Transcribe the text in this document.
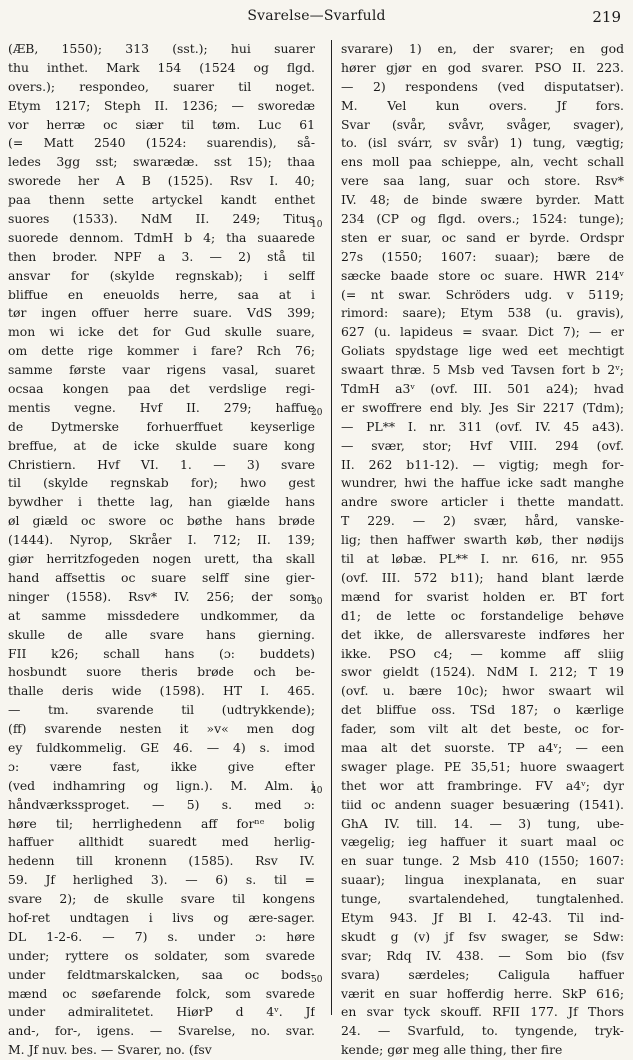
Svarelse—Svarfuld	219
(ÆB, 1550); 313 (sst.); hui suarer
thu inthet. Mark 154 (1524 og flgd.
overs.); respondeo, suarer til noget.
Etym 1217; Steph II. 1236; — sworedæ
vor herræ oc siær til tøm. Luc 61
(= Matt 2540 (1524: suarendis), så-
ledes 3gg sst; swarædæ. sst 15); thaa
sworede her A B (1525). Rsv I. 40;
paa thenn sette artyckel kandt enthet
suores (1533). NdM II. 249; Titus
suorede dennom. TdmH b 4; tha suaarede
then broder. NPF a 3. — 2) stå til
ansvar for (skylde regnskab); i selff
bliffue en eneuolds herre, saa at i
tør ingen offuer herre suare. VdS 399;
mon wi icke det for Gud skulle suare,
om dette rige kommer i fare? Rch 76;
samme første vaar rigens vasal, suaret
ocsaa kongen paa det verdslige regi-
mentis vegne. Hvf II. 279; haffue
de Dytmerske forhuerffuet keyserlige
breffue, at de icke skulde suare kong
Christiern. Hvf VI. 1. — 3) svare
til (skylde regnskab for); hwo gest
bywdher i thette lag, han giælde hans
øl giæld oc swore oc bøthe hans brøde
(1444). Nyrop, Skråer I. 712; II. 139;
giør herritzfogeden nogen urett, tha skall
hand affsettis oc suare selff sine gier-
ninger (1558). Rsv* IV. 256; der som
at samme missdedere undkommer, da
skulle de alle svare hans gierning.
FII k26; schall hans (ɔ: buddets)
hosbundt suore theris brøde och be-
thalle deris wide (1598). HT I. 465.
— tm. svarende til (udtrykkende);
(ff) svarende nesten it »v« men dog
ey fuldkommelig. GE 46. — 4) s. imod
ɔ: være fast, ikke give efter
(ved indhamring og lign.). M. Alm. i
håndværkssproget. — 5) s. med ɔ:
høre til; herrlighedenn aff forⁿᵉ bolig
haffuer allthidt suaredt med herlig-
hedenn till kronenn (1585). Rsv IV.
59. Jf herlighed 3). — 6) s. til =
svare 2); de skulle svare til kongens
hof-ret undtagen i livs og ære-sager.
DL 1-2-6. — 7) s. under ɔ: høre
under; ryttere os soldater, som svarede
under feldtmarskalcken, saa oc bods-
mænd oc søefarende folck, som svarede
under admiralitetet. HiørP d 4ᵛ. Jf
and-, for-, igens. — Svarelse, no. svar.
M. Jf nuv. bes. — Svarer, no. (fsv
10
20
30
40
50
svarare) 1) en, der svarer; en god
hører gjør en god svarer. PSO II. 223.
— 2) respondens (ved disputatser).
M. Vel kun overs. Jf fors.
Svar (svår, svåvr, svåger, svager),
to. (isl svárr, sv svår) 1) tung, vægtig;
ens moll paa schieppe, aln, vecht schall
vere saa lang, suar och store. Rsv*
IV. 48; de binde swære byrder. Matt
234 (CP og flgd. overs.; 1524: tunge);
sten er suar, oc sand er byrde. Ordspr
27s (1550; 1607: suaar); bære de
sæcke baade store oc suare. HWR 214ᵛ
(= nt swar. Schröders udg. v 5119;
rimord: saare); Etym 538 (u. gravis),
627 (u. lapideus = svaar. Dict 7); — er
Goliats spydstage lige wed eet mechtigt
swaart thræ. 5 Msb ved Tavsen fort b 2ᵛ;
TdmH a3ᵛ (ovf. III. 501 a24); hvad
er swoffrere end bly. Jes Sir 2217 (Tdm);
— PL** I. nr. 311 (ovf. IV. 45 a43).
— svær, stor; Hvf VIII. 294 (ovf.
II. 262 b11-12). — vigtig; megh for-
wundrer, hwi the haffue icke sadt manghe
andre swore articler i thette mandatt.
T 229. — 2) svær, hård, vanske-
lig; then haffwer swarth køb, ther nødijs
til at løbæ. PL** I. nr. 616, nr. 955
(ovf. III. 572 b11); hand blant lærde
mænd for svarist holden er. BT fort
d1; de lette oc forstandelige behøve
det ikke, de allersvareste indføres her
ikke. PSO c4; — komme aff sliig
swor gieldt (1524). NdM I. 212; T 19
(ovf. u. bære 10c); hwor swaart wil
det bliffue oss. TSd 187; o kærlige
fader, som vilt alt det beste, oc for-
maa alt det suorste. TP a4ᵛ; — een
swager plage. PE 35,51; huore swaagert
thet wor att frambringe. FV a4ᵛ; dyr
tiid oc andenn suager besuæring (1541).
GhA IV. till. 14. — 3) tung, ube-
vægelig; ieg haffuer it suart maal oc
en suar tunge. 2 Msb 410 (1550; 1607:
suaar); lingua inexplanata, en suar
tunge, svartalendehed, tungtalenhed.
Etym 943. Jf Bl I. 42-43. Til ind-
skudt g (v) jf fsv swager, se Sdw:
svar; Rdq IV. 438. — Som bio (fsv
svara) særdeles; Caligula haffuer
værit en suar hofferdig herre. SkP 616;
en svar tyck skouff. RFII 177. Jf Thors
24. — Svarfuld, to. tyngende, tryk-
kende; gør meg alle thing, ther fire
